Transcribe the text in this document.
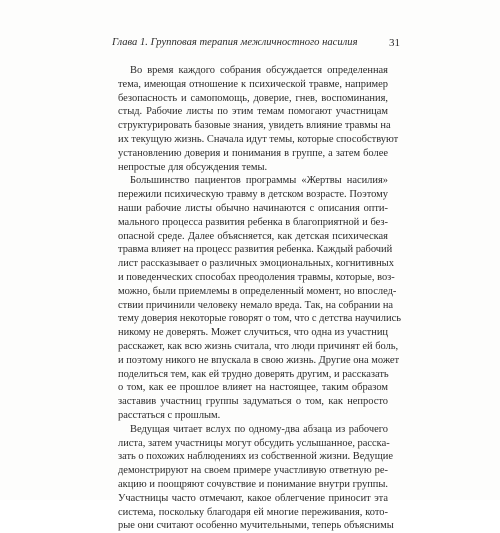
Глава 1. Групповая терапия межличностного насилия	31
Во время каждого собрания обсуждается определенная
тема, имеющая отношение к психической травме, например
безопасность и самопомощь, доверие, гнев, воспоминания,
стыд. Рабочие листы по этим темам помогают участницам
структурировать базовые знания, увидеть влияние травмы на
их текущую жизнь. Сначала идут темы, которые способствуют
установлению доверия и понимания в группе, а затем более
непростые для обсуждения темы.
Большинство пациентов программы «Жертвы насилия»
пережили психическую травму в детском возрасте. Поэтому
наши рабочие листы обычно начинаются с описания опти-
мального процесса развития ребенка в благоприятной и без-
опасной среде. Далее объясняется, как детская психическая
травма влияет на процесс развития ребенка. Каждый рабочий
лист рассказывает о различных эмоциональных, когнитивных
и поведенческих способах преодоления травмы, которые, воз-
можно, были приемлемы в определенный момент, но впослед-
ствии причинили человеку немало вреда. Так, на собрании на
тему доверия некоторые говорят о том, что с детства научились
никому не доверять. Может случиться, что одна из участниц
расскажет, как всю жизнь считала, что люди причинят ей боль,
и поэтому никого не впускала в свою жизнь. Другие она может
поделиться тем, как ей трудно доверять другим, и рассказать
о том, как ее прошлое влияет на настоящее, таким образом
заставив участниц группы задуматься о том, как непросто
расстаться с прошлым.
Ведущая читает вслух по одному-два абзаца из рабочего
листа, затем участницы могут обсудить услышанное, расска-
зать о похожих наблюдениях из собственной жизни. Ведущие
демонстрируют на своем примере участливую ответную ре-
акцию и поощряют сочувствие и понимание внутри группы.
Участницы часто отмечают, какое облегчение приносит эта
система, поскольку благодаря ей многие переживания, кото-
рые они считают особенно мучительными, теперь объяснимы
